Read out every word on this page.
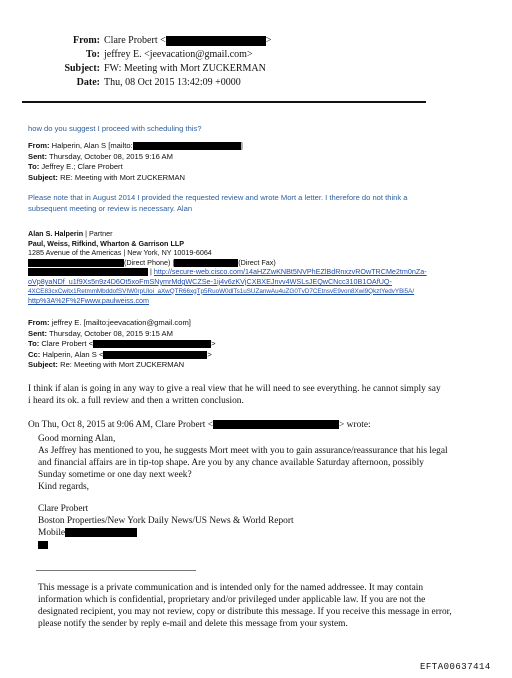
From: Clare Probert <	>
To: jeffrey E. <jeevacation@gmail.com>
Subject: FW: Meeting with Mort ZUCKERMAN
Date: Thu, 08 Oct 2015 13:42:09 +0000
how do you suggest I proceed with scheduling this?
From: Halperin, Alan S [mailto:	]
Sent: Thursday, October 08, 2015 9:16 AM
To: Jeffrey E.; Clare Probert
Subject: RE: Meeting with Mort ZUCKERMAN
Please note that in August 2014 I provided the requested review and wrote Mort a letter. I therefore do not think a
subsequent meeting or review is necessary. Alan
Alan S. Halperin | Partner
Paul, Weiss, Rifkind, Wharton & Garrison LLP
1285 Avenue of the Americas | New York, NY 10019-6064
(Direct Phone) |	(Direct Fax)
| http://secure-web.cisco.com/14aHZZwKNBt5NVPhEZlBdRnxzvROwTRCMe2tm0nZa-
oVp8yaNDf_u1f9Xs5n9z4D6Ot5xoFmSNymrMdgWCZSe-1ij4v6zKVjCXBXEJnvv4WSLsJEQwCNcc310B1OAfUQ-
4XCE83cxCwitx1RetmmMbddofSVIW0rpUloi_aXwQTR66xgTp5RuoW0dlTs1uSUZanwAu4uZG0TvD7CEtnsvE9von8Xwi9QkztYedvYBi5A/
http%3A%2F%2Fwww.paulweiss.com
From: jeffrey E. [mailto:jeevacation@gmail.com]
Sent: Thursday, October 08, 2015 9:15 AM
To: Clare Probert <	>
Cc: Halperin, Alan S <	>
Subject: Re: Meeting with Mort ZUCKERMAN
I think if alan is going in any way to give a real view that he will need to see everything. he cannot simply say
i heard its ok. a full review and then a written conclusion.
On Thu, Oct 8, 2015 at 9:06 AM, Clare Probert <	> wrote:
Good morning Alan,
As Jeffrey has mentioned to you, he suggests Mort meet with you to gain assurance/reassurance that his legal
and financial affairs are in tip-top shape. Are you by any chance available Saturday afternoon, possibly
Sunday sometime or one day next week?
Kind regards,
Clare Probert
Boston Properties/New York Daily News/US News & World Report
Mobile
This message is a private communication and is intended only for the named addressee. It may contain
information which is confidential, proprietary and/or privileged under applicable law. If you are not the
designated recipient, you may not review, copy or distribute this message. If you receive this message in error,
please notify the sender by reply e-mail and delete this message from your system.
EFTA00637414
